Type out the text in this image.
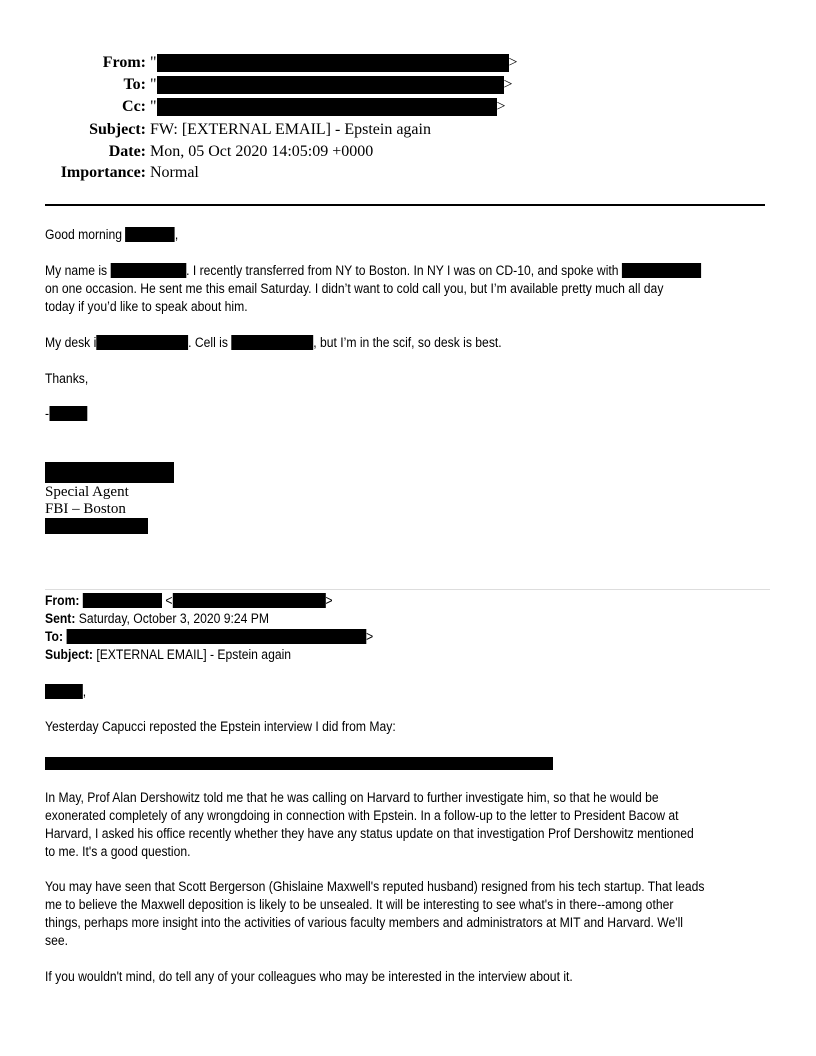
From: "	>
To: "	>
Cc: "	>
Subject: FW: [EXTERNAL EMAIL] - Epstein again
Date: Mon, 05 Oct 2020 14:05:09 +0000
Importance: Normal
Good morning	,
My name is	. I recently transferred from NY to Boston. In NY I was on CD-10, and spoke with
on one occasion. He sent me this email Saturday. I didn’t want to cold call you, but I’m available pretty much all day
today if you’d like to speak about him.
My desk i	. Cell is	, but I’m in the scif, so desk is best.
Thanks,
-
Special Agent
FBI – Boston
From:	<	>
Sent: Saturday, October 3, 2020 9:24 PM
To:	>
Subject: [EXTERNAL EMAIL] - Epstein again
,
Yesterday Capucci reposted the Epstein interview I did from May:
In May, Prof Alan Dershowitz told me that he was calling on Harvard to further investigate him, so that he would be
exonerated completely of any wrongdoing in connection with Epstein. In a follow-up to the letter to President Bacow at
Harvard, I asked his office recently whether they have any status update on that investigation Prof Dershowitz mentioned
to me. It's a good question.
You may have seen that Scott Bergerson (Ghislaine Maxwell's reputed husband) resigned from his tech startup. That leads
me to believe the Maxwell deposition is likely to be unsealed. It will be interesting to see what's in there--among other
things, perhaps more insight into the activities of various faculty members and administrators at MIT and Harvard. We'll
see.
If you wouldn't mind, do tell any of your colleagues who may be interested in the interview about it.
